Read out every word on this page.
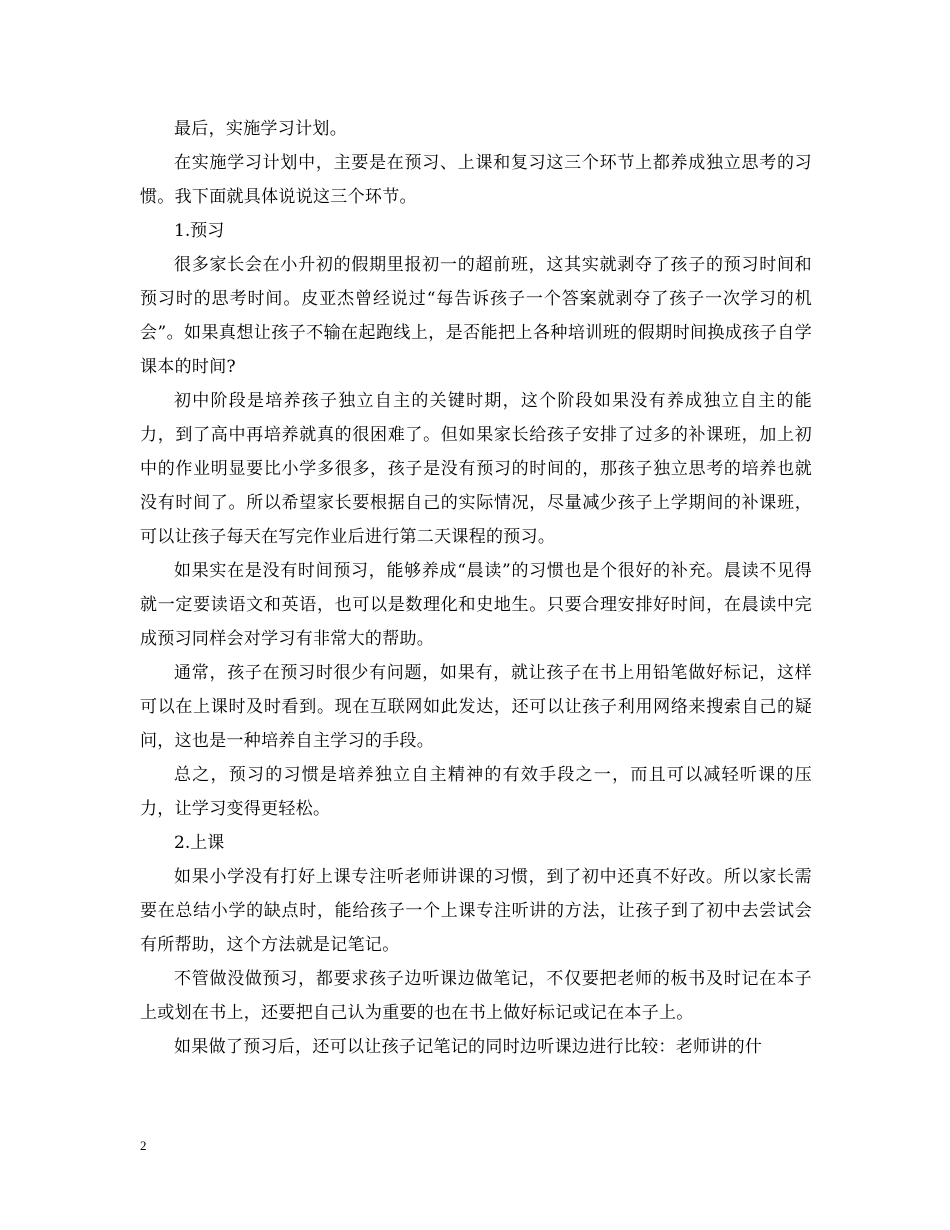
最后，实施学习计划。

在实施学习计划中，主要是在预习、上课和复习这三个环节上都养成独立思考的习惯。我下面就具体说说这三个环节。

1.预习

很多家长会在小升初的假期里报初一的超前班，这其实就剥夺了孩子的预习时间和预习时的思考时间。皮亚杰曾经说过“每告诉孩子一个答案就剥夺了孩子一次学习的机会”。如果真想让孩子不输在起跑线上，是否能把上各种培训班的假期时间换成孩子自学课本的时间?

初中阶段是培养孩子独立自主的关键时期，这个阶段如果没有养成独立自主的能力，到了高中再培养就真的很困难了。但如果家长给孩子安排了过多的补课班，加上初中的作业明显要比小学多很多，孩子是没有预习的时间的，那孩子独立思考的培养也就没有时间了。所以希望家长要根据自己的实际情况，尽量减少孩子上学期间的补课班，可以让孩子每天在写完作业后进行第二天课程的预习。

如果实在是没有时间预习，能够养成“晨读”的习惯也是个很好的补充。晨读不见得就一定要读语文和英语，也可以是数理化和史地生。只要合理安排好时间，在晨读中完成预习同样会对学习有非常大的帮助。

通常，孩子在预习时很少有问题，如果有，就让孩子在书上用铅笔做好标记，这样可以在上课时及时看到。现在互联网如此发达，还可以让孩子利用网络来搜索自己的疑问，这也是一种培养自主学习的手段。

总之，预习的习惯是培养独立自主精神的有效手段之一，而且可以减轻听课的压力，让学习变得更轻松。

2.上课

如果小学没有打好上课专注听老师讲课的习惯，到了初中还真不好改。所以家长需要在总结小学的缺点时，能给孩子一个上课专注听讲的方法，让孩子到了初中去尝试会有所帮助，这个方法就是记笔记。

不管做没做预习，都要求孩子边听课边做笔记，不仅要把老师的板书及时记在本子上或划在书上，还要把自己认为重要的也在书上做好标记或记在本子上。

如果做了预习后，还可以让孩子记笔记的同时边听课边进行比较：老师讲的什

2
